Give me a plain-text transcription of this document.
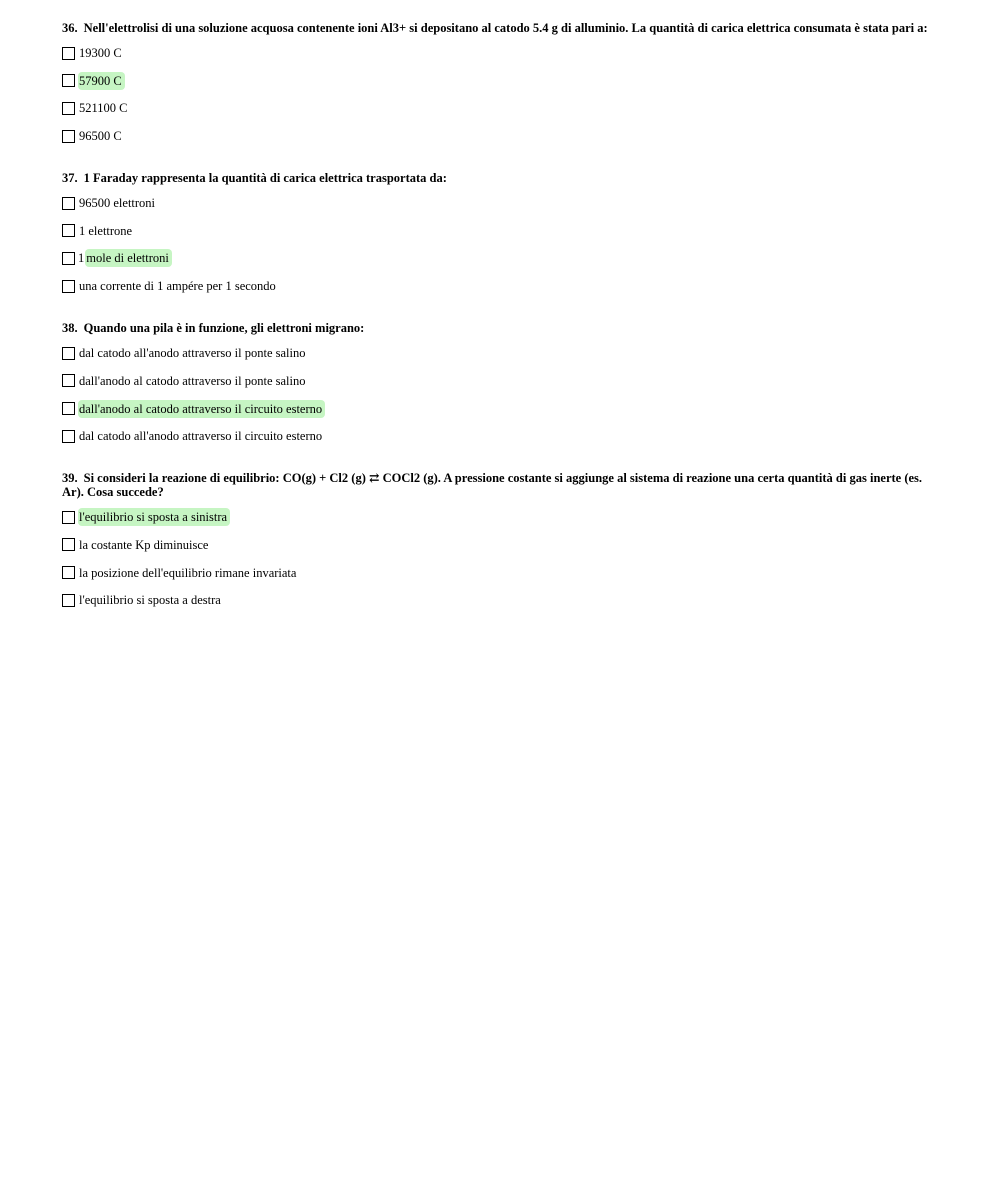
36. Nell'elettrolisi di una soluzione acquosa contenente ioni Al3+ si depositano al catodo 5.4 g di alluminio. La quantità di carica elettrica consumata è stata pari a:
19300 C
57900 C
521100 C
96500 C
37. 1 Faraday rappresenta la quantità di carica elettrica trasportata da:
96500 elettroni
1 elettrone
1 mole di elettroni
una corrente di 1 ampére per 1 secondo
38. Quando una pila è in funzione, gli elettroni migrano:
dal catodo all'anodo attraverso il ponte salino
dall'anodo al catodo attraverso il ponte salino
dall'anodo al catodo attraverso il circuito esterno
dal catodo all'anodo attraverso il circuito esterno
39. Si consideri la reazione di equilibrio: CO(g) + Cl2 (g) ⇄ COCl2 (g). A pressione costante si aggiunge al sistema di reazione una certa quantità di gas inerte (es. Ar). Cosa succede?
l'equilibrio si sposta a sinistra
la costante Kp diminuisce
la posizione dell'equilibrio rimane invariata
l'equilibrio si sposta a destra
